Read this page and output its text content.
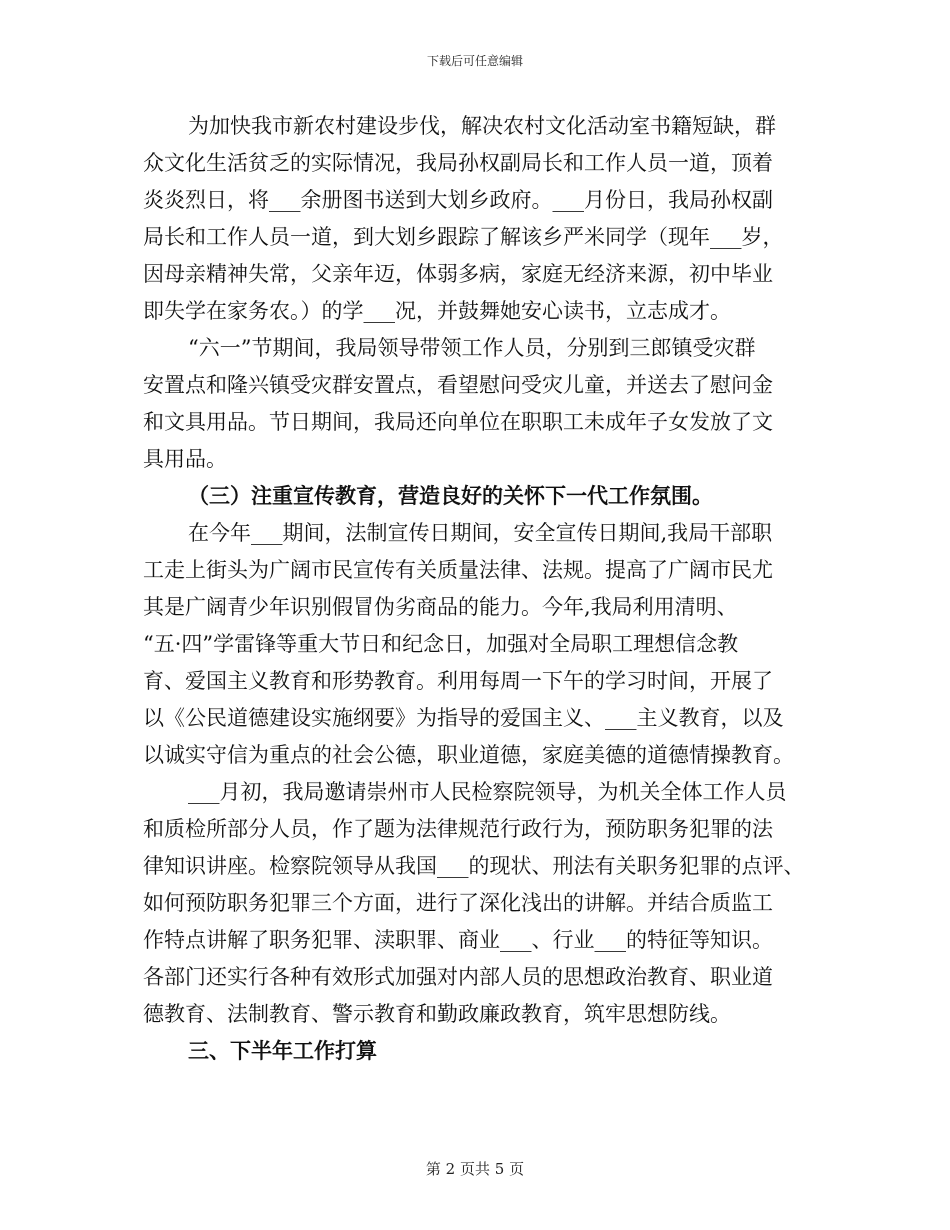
下载后可任意编辑
为加快我市新农村建设步伐，解决农村文化活动室书籍短缺，群
众文化生活贫乏的实际情况，我局孙权副局长和工作人员一道，顶着
炎炎烈日，将___余册图书送到大划乡政府。___月份日，我局孙权副
局长和工作人员一道，到大划乡跟踪了解该乡严米同学（现年___岁，
因母亲精神失常，父亲年迈，体弱多病，家庭无经济来源，初中毕业
即失学在家务农。）的学___况，并鼓舞她安心读书，立志成才。
“六一”节期间，我局领导带领工作人员，分别到三郎镇受灾群
安置点和隆兴镇受灾群安置点，看望慰问受灾儿童，并送去了慰问金
和文具用品。节日期间，我局还向单位在职职工未成年子女发放了文
具用品。
（三）注重宣传教育，营造良好的关怀下一代工作氛围。
在今年___期间，法制宣传日期间，安全宣传日期间,我局干部职
工走上街头为广阔市民宣传有关质量法律、法规。提高了广阔市民尤
其是广阔青少年识别假冒伪劣商品的能力。今年,我局利用清明、
“五·四”学雷锋等重大节日和纪念日，加强对全局职工理想信念教
育、爱国主义教育和形势教育。利用每周一下午的学习时间，开展了
以《公民道德建设实施纲要》为指导的爱国主义、___主义教育，以及
以诚实守信为重点的社会公德，职业道德，家庭美德的道德情操教育。
___月初，我局邀请崇州市人民检察院领导，为机关全体工作人员
和质检所部分人员，作了题为法律规范行政行为，预防职务犯罪的法
律知识讲座。检察院领导从我国___的现状、刑法有关职务犯罪的点评、
如何预防职务犯罪三个方面，进行了深化浅出的讲解。并结合质监工
作特点讲解了职务犯罪、渎职罪、商业___、行业___的特征等知识。
各部门还实行各种有效形式加强对内部人员的思想政治教育、职业道
德教育、法制教育、警示教育和勤政廉政教育，筑牢思想防线。
三、下半年工作打算
第 2 页共 5 页
